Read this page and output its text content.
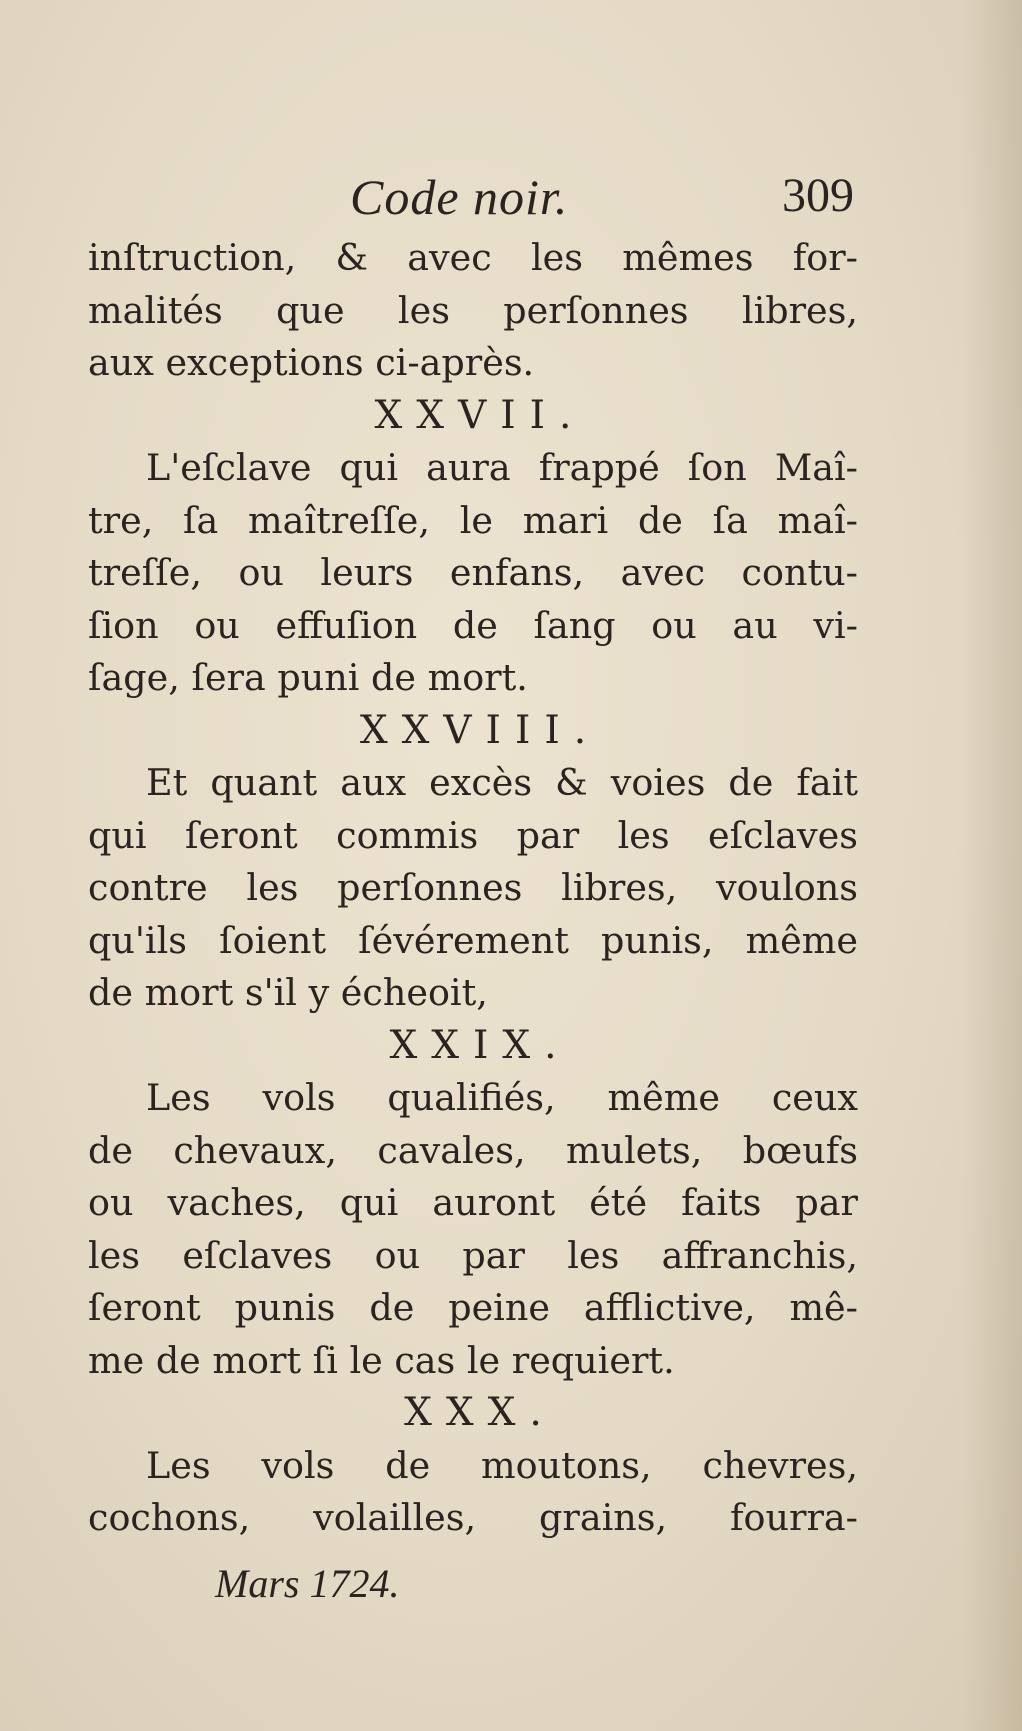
Code noir.	309
inſtruction, & avec les mêmes for-
malités que les perſonnes libres,
aux exceptions ci-après.
XXVII.
L'eſclave qui aura frappé ſon Maî-
tre, ſa maîtreſſe, le mari de ſa maî-
treſſe, ou leurs enfans, avec contu-
ſion ou effuſion de ſang ou au vi-
ſage, ſera puni de mort.
XXVIII.
Et quant aux excès & voies de fait
qui ſeront commis par les eſclaves
contre les perſonnes libres, voulons
qu'ils ſoient ſévérement punis, même
de mort s'il y écheoit,
XXIX.
Les vols qualifiés, même ceux
de chevaux, cavales, mulets, bœufs
ou vaches, qui auront été faits par
les eſclaves ou par les affranchis,
ſeront punis de peine afflictive, mê-
me de mort ſi le cas le requiert.
XXX.
Les vols de moutons, chevres,
cochons, volailles, grains, fourra-
Mars 1724.
